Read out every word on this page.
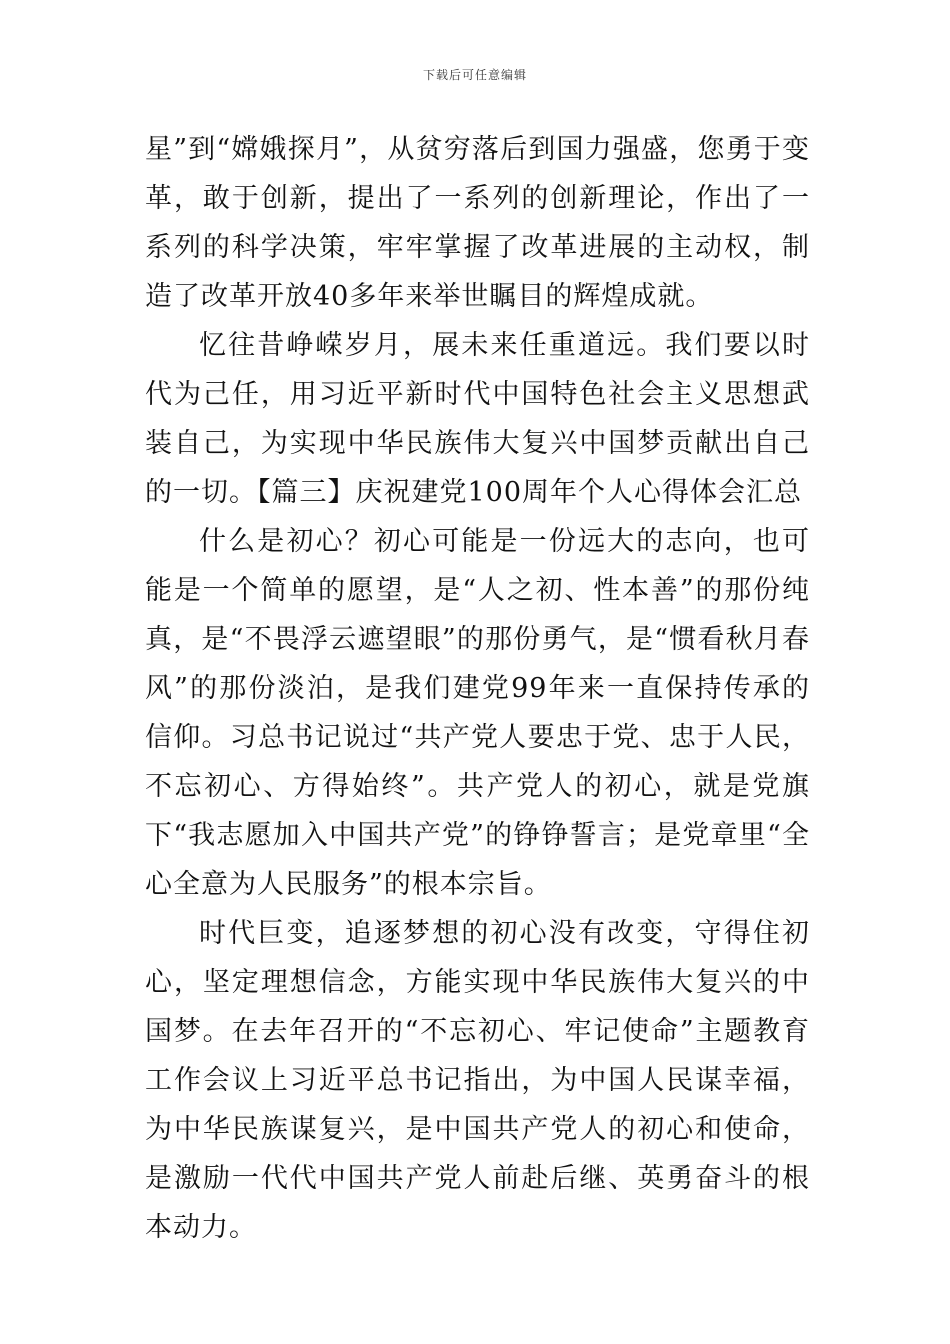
下载后可任意编辑

星”到“嫦娥探月”，从贫穷落后到国力强盛，您勇于变革，敢于创新，提出了一系列的创新理论，作出了一系列的科学决策，牢牢掌握了改革进展的主动权，制造了改革开放40多年来举世瞩目的辉煌成就。

忆往昔峥嵘岁月，展未来任重道远。我们要以时代为己任，用习近平新时代中国特色社会主义思想武装自己，为实现中华民族伟大复兴中国梦贡献出自己的一切。【篇三】庆祝建党100周年个人心得体会汇总

什么是初心？初心可能是一份远大的志向，也可能是一个简单的愿望，是“人之初、性本善”的那份纯真，是“不畏浮云遮望眼”的那份勇气，是“惯看秋月春风”的那份淡泊，是我们建党99年来一直保持传承的信仰。习总书记说过“共产党人要忠于党、忠于人民，不忘初心、方得始终”。共产党人的初心，就是党旗下“我志愿加入中国共产党”的铮铮誓言；是党章里“全心全意为人民服务”的根本宗旨。

时代巨变，追逐梦想的初心没有改变，守得住初心，坚定理想信念，方能实现中华民族伟大复兴的中国梦。在去年召开的“不忘初心、牢记使命”主题教育工作会议上习近平总书记指出，为中国人民谋幸福，为中华民族谋复兴，是中国共产党人的初心和使命，是激励一代代中国共产党人前赴后继、英勇奋斗的根本动力。
